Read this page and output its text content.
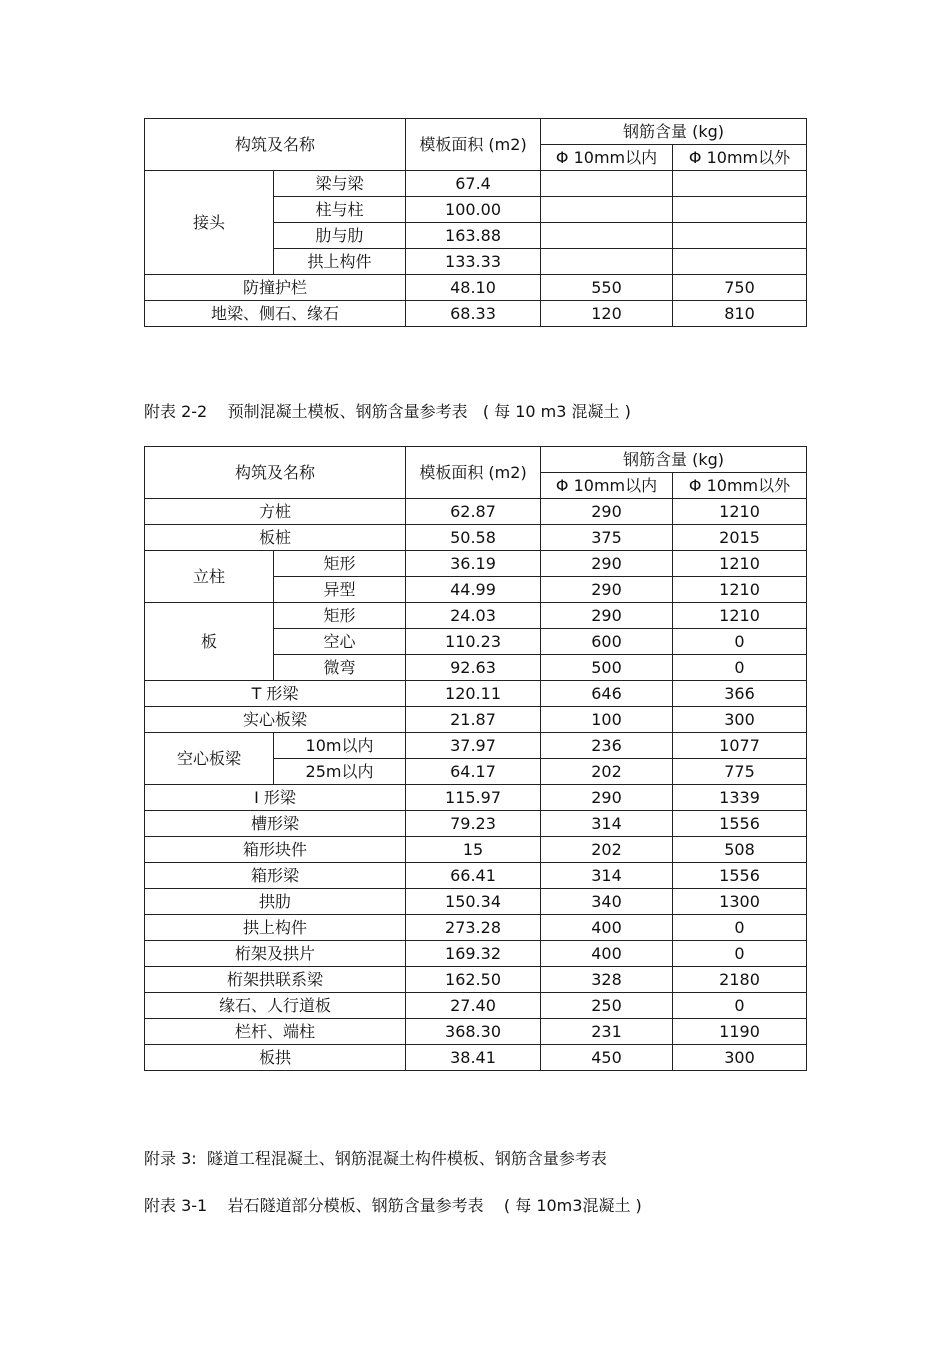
构筑及名称		模板面积 (m2)	钢筋含量 (kg)	
			Φ 10mm以内	Φ 10mm以外
接头	梁与梁	67.4		
	柱与柱	100.00		
	肋与肋	163.88		
	拱上构件	133.33		
防撞护栏		48.10	550	750
地梁、侧石、缘石		68.33	120	810
附表 2-2    预制混凝土模板、钢筋含量参考表   ( 每 10 m3 混凝土 )
构筑及名称		模板面积 (m2)	钢筋含量 (kg)	
			Φ 10mm以内	Φ 10mm以外
方桩		62.87	290	1210
板桩		50.58	375	2015
立柱	矩形	36.19	290	1210
	异型	44.99	290	1210
板	矩形	24.03	290	1210
	空心	110.23	600	0
	微弯	92.63	500	0
T 形梁		120.11	646	366
实心板梁		21.87	100	300
空心板梁	10m以内	37.97	236	1077
	25m以内	64.17	202	775
I 形梁		115.97	290	1339
槽形梁		79.23	314	1556
箱形块件		15	202	508
箱形梁		66.41	314	1556
拱肋		150.34	340	1300
拱上构件		273.28	400	0
桁架及拱片		169.32	400	0
桁架拱联系梁		162.50	328	2180
缘石、人行道板		27.40	250	0
栏杆、端柱		368.30	231	1190
板拱		38.41	450	300
附录 3:  隧道工程混凝土、钢筋混凝土构件模板、钢筋含量参考表
附表 3-1    岩石隧道部分模板、钢筋含量参考表    ( 每 10m3混凝土 )
